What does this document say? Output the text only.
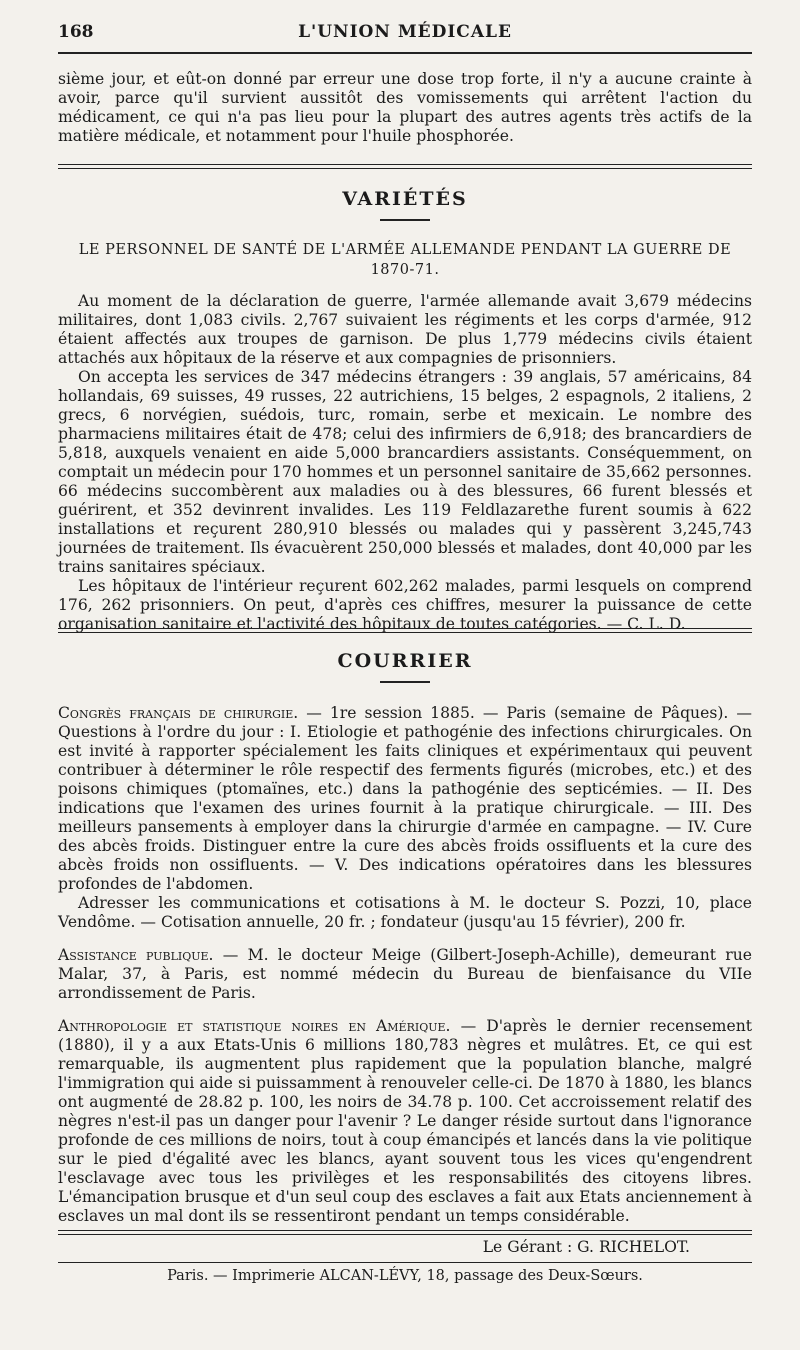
168	L'UNION MÉDICALE

sième jour, et eût-on donné par erreur une dose trop forte, il n'y a aucune crainte à avoir, parce qu'il survient aussitôt des vomissements qui arrêtent l'action du médicament, ce qui n'a pas lieu pour la plupart des autres agents très actifs de la matière médicale, et notamment pour l'huile phosphorée.

VARIÉTÉS
LE PERSONNEL DE SANTÉ DE L'ARMÉE ALLEMANDE PENDANT LA GUERRE DE 1870-71.

Au moment de la déclaration de guerre, l'armée allemande avait 3,679 médecins militaires, dont 1,083 civils. 2,767 suivaient les régiments et les corps d'armée, 912 étaient affectés aux troupes de garnison. De plus 1,779 médecins civils étaient attachés aux hôpitaux de la réserve et aux compagnies de prisonniers.

On accepta les services de 347 médecins étrangers : 39 anglais, 57 américains, 84 hollandais, 69 suisses, 49 russes, 22 autrichiens, 15 belges, 2 espagnols, 2 italiens, 2 grecs, 6 norvégien, suédois, turc, romain, serbe et mexicain. Le nombre des pharmaciens militaires était de 478; celui des infirmiers de 6,918; des brancardiers de 5,818, auxquels venaient en aide 5,000 brancardiers assistants. Conséquemment, on comptait un médecin pour 170 hommes et un personnel sanitaire de 35,662 personnes. 66 médecins succombèrent aux maladies ou à des blessures, 66 furent blessés et guérirent, et 352 devinrent invalides. Les 119 Feldlazarethe furent soumis à 622 installations et reçurent 280,910 blessés ou malades qui y passèrent 3,245,743 journées de traitement. Ils évacuèrent 250,000 blessés et malades, dont 40,000 par les trains sanitaires spéciaux.

Les hôpitaux de l'intérieur reçurent 602,262 malades, parmi lesquels on comprend 176, 262 prisonniers. On peut, d'après ces chiffres, mesurer la puissance de cette organisation sanitaire et l'activité des hôpitaux de toutes catégories. — C. L. D.

COURRIER

Congrès français de chirurgie. — 1re session 1885. — Paris (semaine de Pâques). — Questions à l'ordre du jour : I. Etiologie et pathogénie des infections chirurgicales. On est invité à rapporter spécialement les faits cliniques et expérimentaux qui peuvent contribuer à déterminer le rôle respectif des ferments figurés (microbes, etc.) et des poisons chimiques (ptomaïnes, etc.) dans la pathogénie des septicémies. — II. Des indications que l'examen des urines fournit à la pratique chirurgicale. — III. Des meilleurs pansements à employer dans la chirurgie d'armée en campagne. — IV. Cure des abcès froids. Distinguer entre la cure des abcès froids ossifluents et la cure des abcès froids non ossifluents. — V. Des indications opératoires dans les blessures profondes de l'abdomen.

Adresser les communications et cotisations à M. le docteur S. Pozzi, 10, place Vendôme. — Cotisation annuelle, 20 fr. ; fondateur (jusqu'au 15 février), 200 fr.

Assistance publique. — M. le docteur Meige (Gilbert-Joseph-Achille), demeurant rue Malar, 37, à Paris, est nommé médecin du Bureau de bienfaisance du VIIe arrondissement de Paris.

Anthropologie et statistique noires en Amérique. — D'après le dernier recensement (1880), il y a aux Etats-Unis 6 millions 180,783 nègres et mulâtres. Et, ce qui est remarquable, ils augmentent plus rapidement que la population blanche, malgré l'immigration qui aide si puissamment à renouveler celle-ci. De 1870 à 1880, les blancs ont augmenté de 28.82 p. 100, les noirs de 34.78 p. 100. Cet accroissement relatif des nègres n'est-il pas un danger pour l'avenir ? Le danger réside surtout dans l'ignorance profonde de ces millions de noirs, tout à coup émancipés et lancés dans la vie politique sur le pied d'égalité avec les blancs, ayant souvent tous les vices qu'engendrent l'esclavage avec tous les privilèges et les responsabilités des citoyens libres. L'émancipation brusque et d'un seul coup des esclaves a fait aux Etats anciennement à esclaves un mal dont ils se ressentiront pendant un temps considérable.

Le Gérant : G. RICHELOT.
Paris. — Imprimerie ALCAN-LÉVY, 18, passage des Deux-Sœurs.
